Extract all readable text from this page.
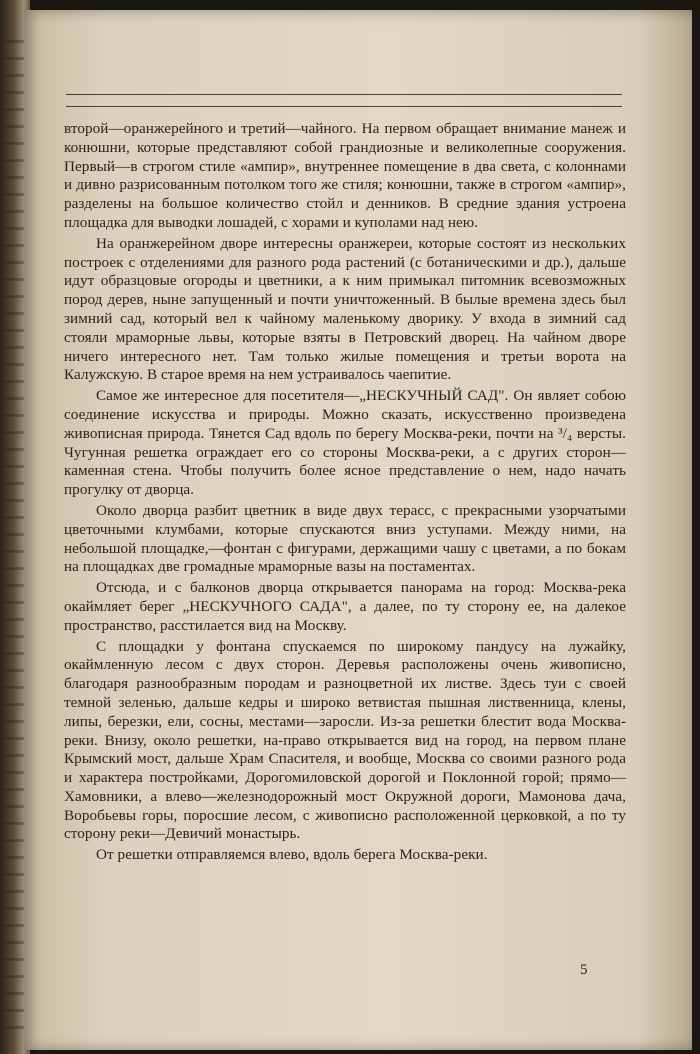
второй—оранжерейного и третий—чайного. На первом обращает внимание манеж и конюшни, которые представляют собой грандиозные и великолепные сооружения. Первый—в строгом стиле «ампир», внутреннее помещение в два света, с колоннами и дивно разрисованным потолком того же стиля; конюшни, также в строгом «ампир», разделены на большое количество стойл и денников. В средние здания устроена площадка для выводки лошадей, с хорами и куполами над нею.

На оранжерейном дворе интересны оранжереи, которые состоят из нескольких построек с отделениями для разного рода растений (с ботаническими и др.), дальше идут образцовые огороды и цветники, а к ним примыкал питомник всевозможных пород дерев, ныне запущенный и почти уничтоженный. В былые времена здесь был зимний сад, который вел к чайному маленькому дворику. У входа в зимний сад стояли мраморные львы, которые взяты в Петровский дворец. На чайном дворе ничего интересного нет. Там только жилые помещения и третьи ворота на Калужскую. В старое время на нем устраивалось чаепитие.

Самое же интересное для посетителя—„НЕСКУЧНЫЙ САД". Он являет собою соединение искусства и природы. Можно сказать, искусственно произведена живописная природа. Тянется Сад вдоль по берегу Москва-реки, почти на ³/₄ версты. Чугунная решетка ограждает его со стороны Москва-реки, а с других сторон—каменная стена. Чтобы получить более ясное представление о нем, надо начать прогулку от дворца.

Около дворца разбит цветник в виде двух терасс, с прекрасными узорчатыми цветочными клумбами, которые спускаются вниз уступами. Между ними, на небольшой площадке,—фонтан с фигурами, держащими чашу с цветами, а по бокам на площадках две громадные мраморные вазы на постаментах.

Отсюда, и с балконов дворца открывается панорама на город: Москва-река окаймляет берег „НЕСКУЧНОГО САДА", а далее, по ту сторону ее, на далекое пространство, расстилается вид на Москву.

С площадки у фонтана спускаемся по широкому пандусу на лужайку, окаймленную лесом с двух сторон. Деревья расположены очень живописно, благодаря разнообразным породам и разноцветной их листве. Здесь туи с своей темной зеленью, дальше кедры и широко ветвистая пышная лиственница, клены, липы, березки, ели, сосны, местами—заросли. Из-за решетки блестит вода Москва-реки. Внизу, около решетки, на-право открывается вид на город, на первом плане Крымский мост, дальше Храм Спасителя, и вообще, Москва со своими разного рода и характера постройками, Дорогомиловской дорогой и Поклонной горой; прямо—Хамовники, а влево—железнодорожный мост Окружной дороги, Мамонова дача, Воробьевы горы, поросшие лесом, с живописно расположенной церковкой, а по ту сторону реки—Девичий монастырь.

От решетки отправляемся влево, вдоль берега Москва-реки.

5
